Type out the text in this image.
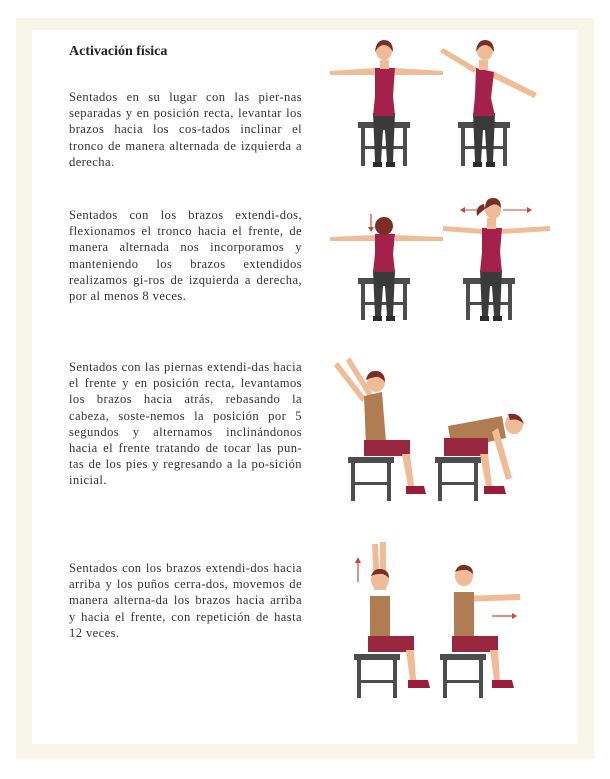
Activación física
Sentados en su lugar con las pier-nas separadas y en posición recta, levantar los brazos hacia los cos-tados inclinar el tronco de manera alternada de izquierda a derecha.
Sentados con los brazos extendi-dos, flexionamos el tronco hacia el frente, de manera alternada nos incorporamos y manteniendo los brazos extendidos realizamos gi-ros de izquierda a derecha, por al menos 8 veces.
Sentados con las piernas extendi-das hacia el frente y en posición recta, levantamos los brazos hacia atrás, rebasando la cabeza, soste-nemos la posición por 5 segundos y alternamos inclinándonos hacia el frente tratando de tocar las pun-tas de los pies y regresando a la po-sición inicial.
Sentados con los brazos extendi-dos hacia arriba y los puños cerra-dos, movemos de manera alterna-da los brazos hacia arriba y hacia el frente, con repetición de hasta 12 veces.
